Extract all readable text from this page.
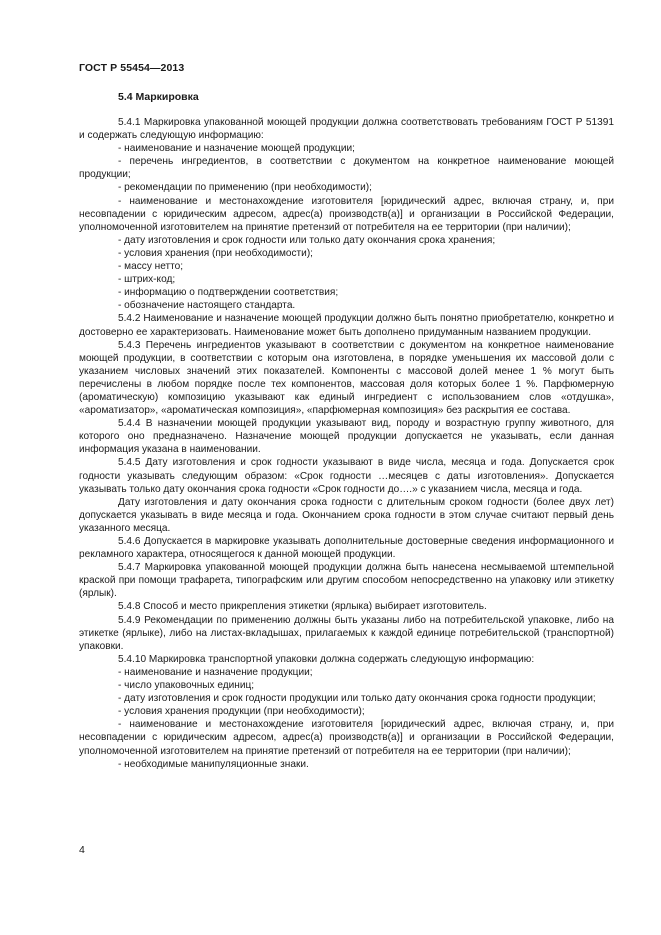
ГОСТ Р 55454—2013
5.4 Маркировка

5.4.1 Маркировка упакованной моющей продукции должна соответствовать требованиям ГОСТ Р 51391 и содержать следующую информацию:

- наименование и назначение моющей продукции;

- перечень ингредиентов, в соответствии с документом на конкретное наименование моющей продукции;

- рекомендации по применению (при необходимости);

- наименование и местонахождение изготовителя [юридический адрес, включая страну, и, при несовпадении с юридическим адресом, адрес(а) производств(а)] и организации в Российской Федерации, уполномоченной изготовителем на принятие претензий от потребителя на ее территории (при наличии);

- дату изготовления и срок годности или только дату окончания срока хранения;

- условия хранения (при необходимости);

- массу нетто;

- штрих-код;

- информацию о подтверждении соответствия;

- обозначение настоящего стандарта.

5.4.2 Наименование и назначение моющей продукции должно быть понятно приобретателю, конкретно и достоверно ее характеризовать. Наименование может быть дополнено придуманным названием продукции.

5.4.3 Перечень ингредиентов указывают в соответствии с документом на конкретное наименование моющей продукции, в соответствии с которым она изготовлена, в порядке уменьшения их массовой доли с указанием числовых значений этих показателей. Компоненты с массовой долей менее 1 % могут быть перечислены в любом порядке после тех компонентов, массовая доля которых более 1 %. Парфюмерную (ароматическую) композицию указывают как единый ингредиент с использованием слов «отдушка», «ароматизатор», «ароматическая композиция», «парфюмерная композиция» без раскрытия ее состава.

5.4.4 В назначении моющей продукции указывают вид, породу и возрастную группу животного, для которого оно предназначено. Назначение моющей продукции допускается не указывать, если данная информация указана в наименовании.

5.4.5 Дату изготовления и срок годности указывают в виде числа, месяца и года. Допускается срок годности указывать следующим образом: «Срок годности …месяцев с даты изготовления». Допускается указывать только дату окончания срока годности «Срок годности до….» с указанием числа, месяца и года.

Дату изготовления и дату окончания срока годности с длительным сроком годности (более двух лет) допускается указывать в виде месяца и года. Окончанием срока годности в этом случае считают первый день указанного месяца.

5.4.6 Допускается в маркировке указывать дополнительные достоверные сведения информационного и рекламного характера, относящегося к данной моющей продукции.

5.4.7 Маркировка упакованной моющей продукции должна быть нанесена несмываемой штемпельной краской при помощи трафарета, типографским или другим способом непосредственно на упаковку или этикетку (ярлык).

5.4.8 Способ и место прикрепления этикетки (ярлыка) выбирает изготовитель.

5.4.9 Рекомендации по применению должны быть указаны либо на потребительской упаковке, либо на этикетке (ярлыке), либо на листах-вкладышах, прилагаемых к каждой единице потребительской (транспортной) упаковки.

5.4.10 Маркировка транспортной упаковки должна содержать следующую информацию:

- наименование и назначение продукции;

- число упаковочных единиц;

- дату изготовления и срок годности продукции или только дату окончания срока годности продукции;

- условия хранения продукции (при необходимости);

- наименование и местонахождение изготовителя [юридический адрес, включая страну, и, при несовпадении с юридическим адресом, адрес(а) производств(а)] и организации в Российской Федерации, уполномоченной изготовителем на принятие претензий от потребителя на ее территории (при наличии);

- необходимые манипуляционные знаки.

4
